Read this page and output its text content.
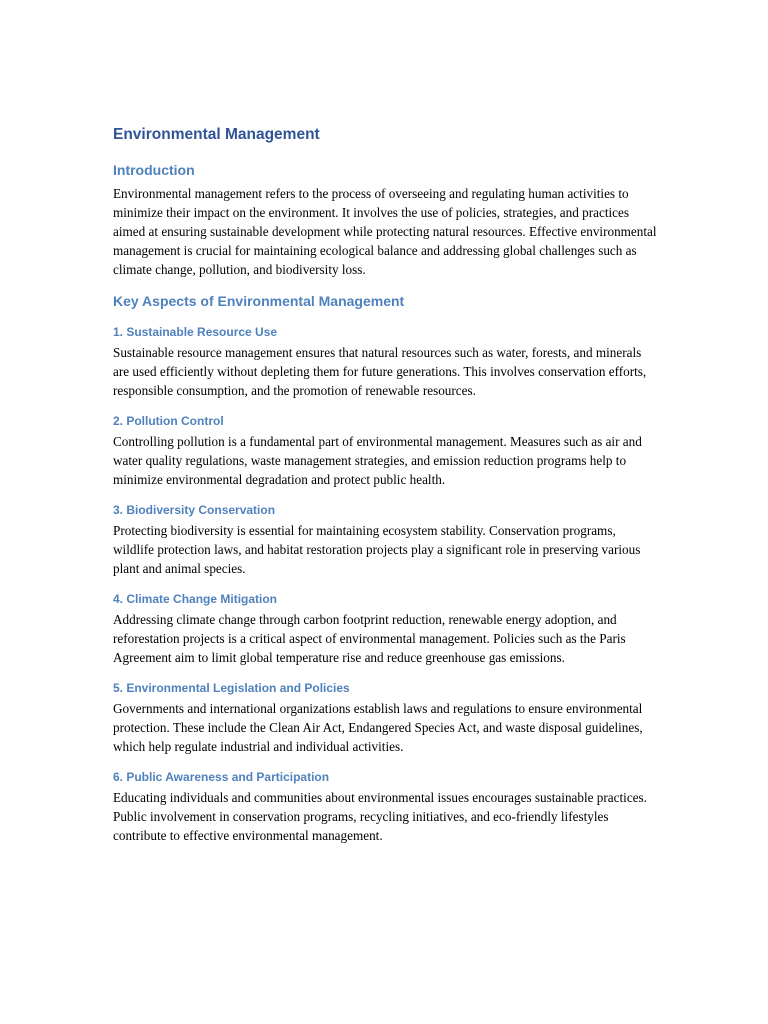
Environmental Management
Introduction

Environmental management refers to the process of overseeing and regulating human activities to minimize their impact on the environment. It involves the use of policies, strategies, and practices aimed at ensuring sustainable development while protecting natural resources. Effective environmental management is crucial for maintaining ecological balance and addressing global challenges such as climate change, pollution, and biodiversity loss.

Key Aspects of Environmental Management
1. Sustainable Resource Use

Sustainable resource management ensures that natural resources such as water, forests, and minerals are used efficiently without depleting them for future generations. This involves conservation efforts, responsible consumption, and the promotion of renewable resources.

2. Pollution Control

Controlling pollution is a fundamental part of environmental management. Measures such as air and water quality regulations, waste management strategies, and emission reduction programs help to minimize environmental degradation and protect public health.

3. Biodiversity Conservation

Protecting biodiversity is essential for maintaining ecosystem stability. Conservation programs, wildlife protection laws, and habitat restoration projects play a significant role in preserving various plant and animal species.

4. Climate Change Mitigation

Addressing climate change through carbon footprint reduction, renewable energy adoption, and reforestation projects is a critical aspect of environmental management. Policies such as the Paris Agreement aim to limit global temperature rise and reduce greenhouse gas emissions.

5. Environmental Legislation and Policies

Governments and international organizations establish laws and regulations to ensure environmental protection. These include the Clean Air Act, Endangered Species Act, and waste disposal guidelines, which help regulate industrial and individual activities.

6. Public Awareness and Participation

Educating individuals and communities about environmental issues encourages sustainable practices. Public involvement in conservation programs, recycling initiatives, and eco-friendly lifestyles contribute to effective environmental management.
